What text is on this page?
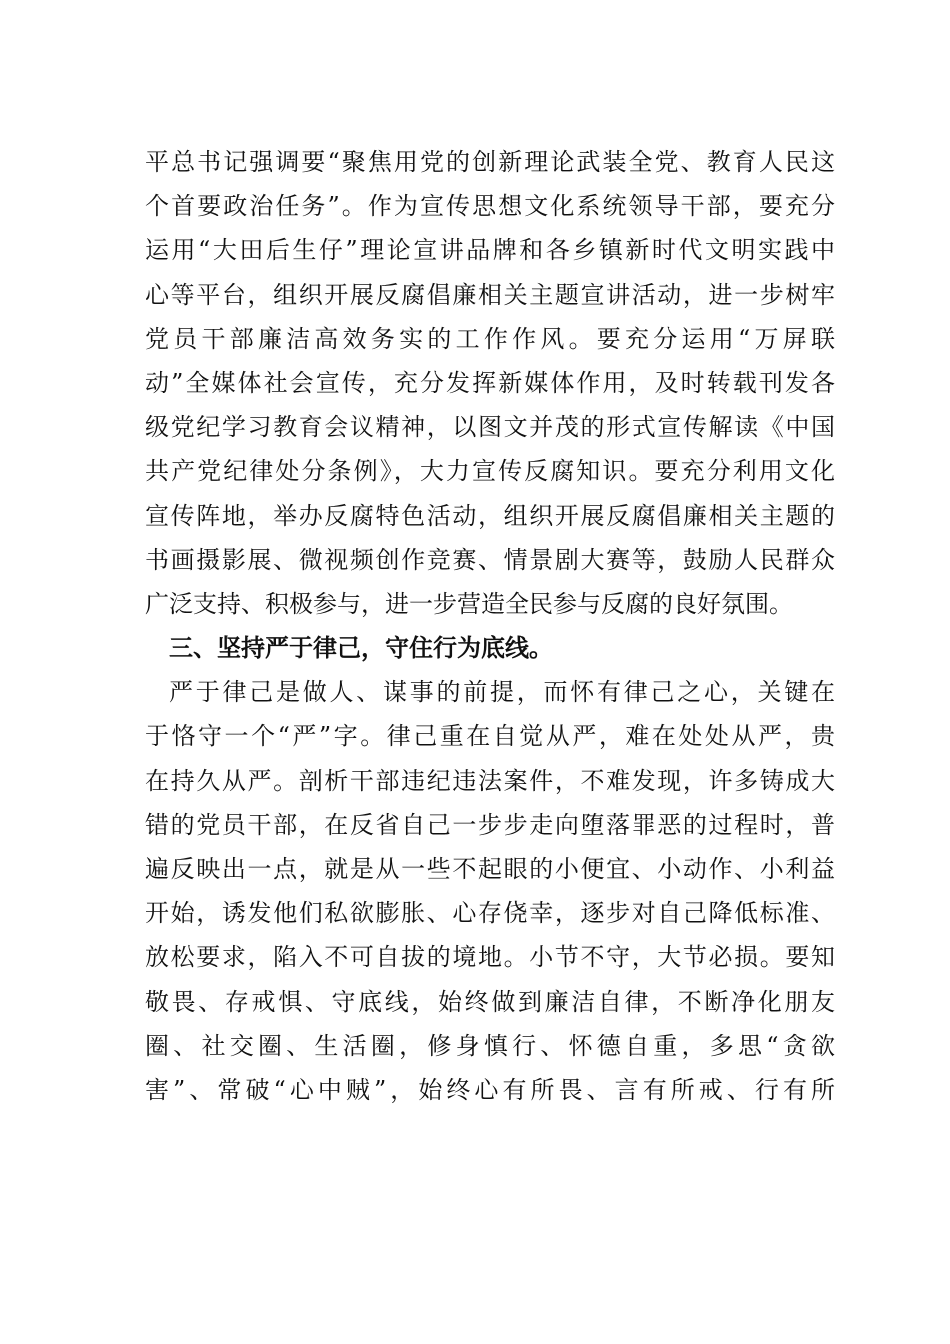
平总书记强调要“聚焦用党的创新理论武装全党、教育人民这
个首要政治任务”。作为宣传思想文化系统领导干部，要充分
运用“大田后生仔”理论宣讲品牌和各乡镇新时代文明实践中
心等平台，组织开展反腐倡廉相关主题宣讲活动，进一步树牢
党员干部廉洁高效务实的工作作风。要充分运用“万屏联
动”全媒体社会宣传，充分发挥新媒体作用，及时转载刊发各
级党纪学习教育会议精神，以图文并茂的形式宣传解读《中国
共产党纪律处分条例》，大力宣传反腐知识。要充分利用文化
宣传阵地，举办反腐特色活动，组织开展反腐倡廉相关主题的
书画摄影展、微视频创作竞赛、情景剧大赛等，鼓励人民群众
广泛支持、积极参与，进一步营造全民参与反腐的良好氛围。
三、坚持严于律己，守住行为底线。
严于律己是做人、谋事的前提，而怀有律己之心，关键在
于恪守一个“严”字。律己重在自觉从严，难在处处从严，贵
在持久从严。剖析干部违纪违法案件，不难发现，许多铸成大
错的党员干部，在反省自己一步步走向堕落罪恶的过程时，普
遍反映出一点，就是从一些不起眼的小便宜、小动作、小利益
开始，诱发他们私欲膨胀、心存侥幸，逐步对自己降低标准、
放松要求，陷入不可自拔的境地。小节不守，大节必损。要知
敬畏、存戒惧、守底线，始终做到廉洁自律，不断净化朋友
圈、社交圈、生活圈，修身慎行、怀德自重，多思“贪欲
害”、常破“心中贼”，始终心有所畏、言有所戒、行有所
